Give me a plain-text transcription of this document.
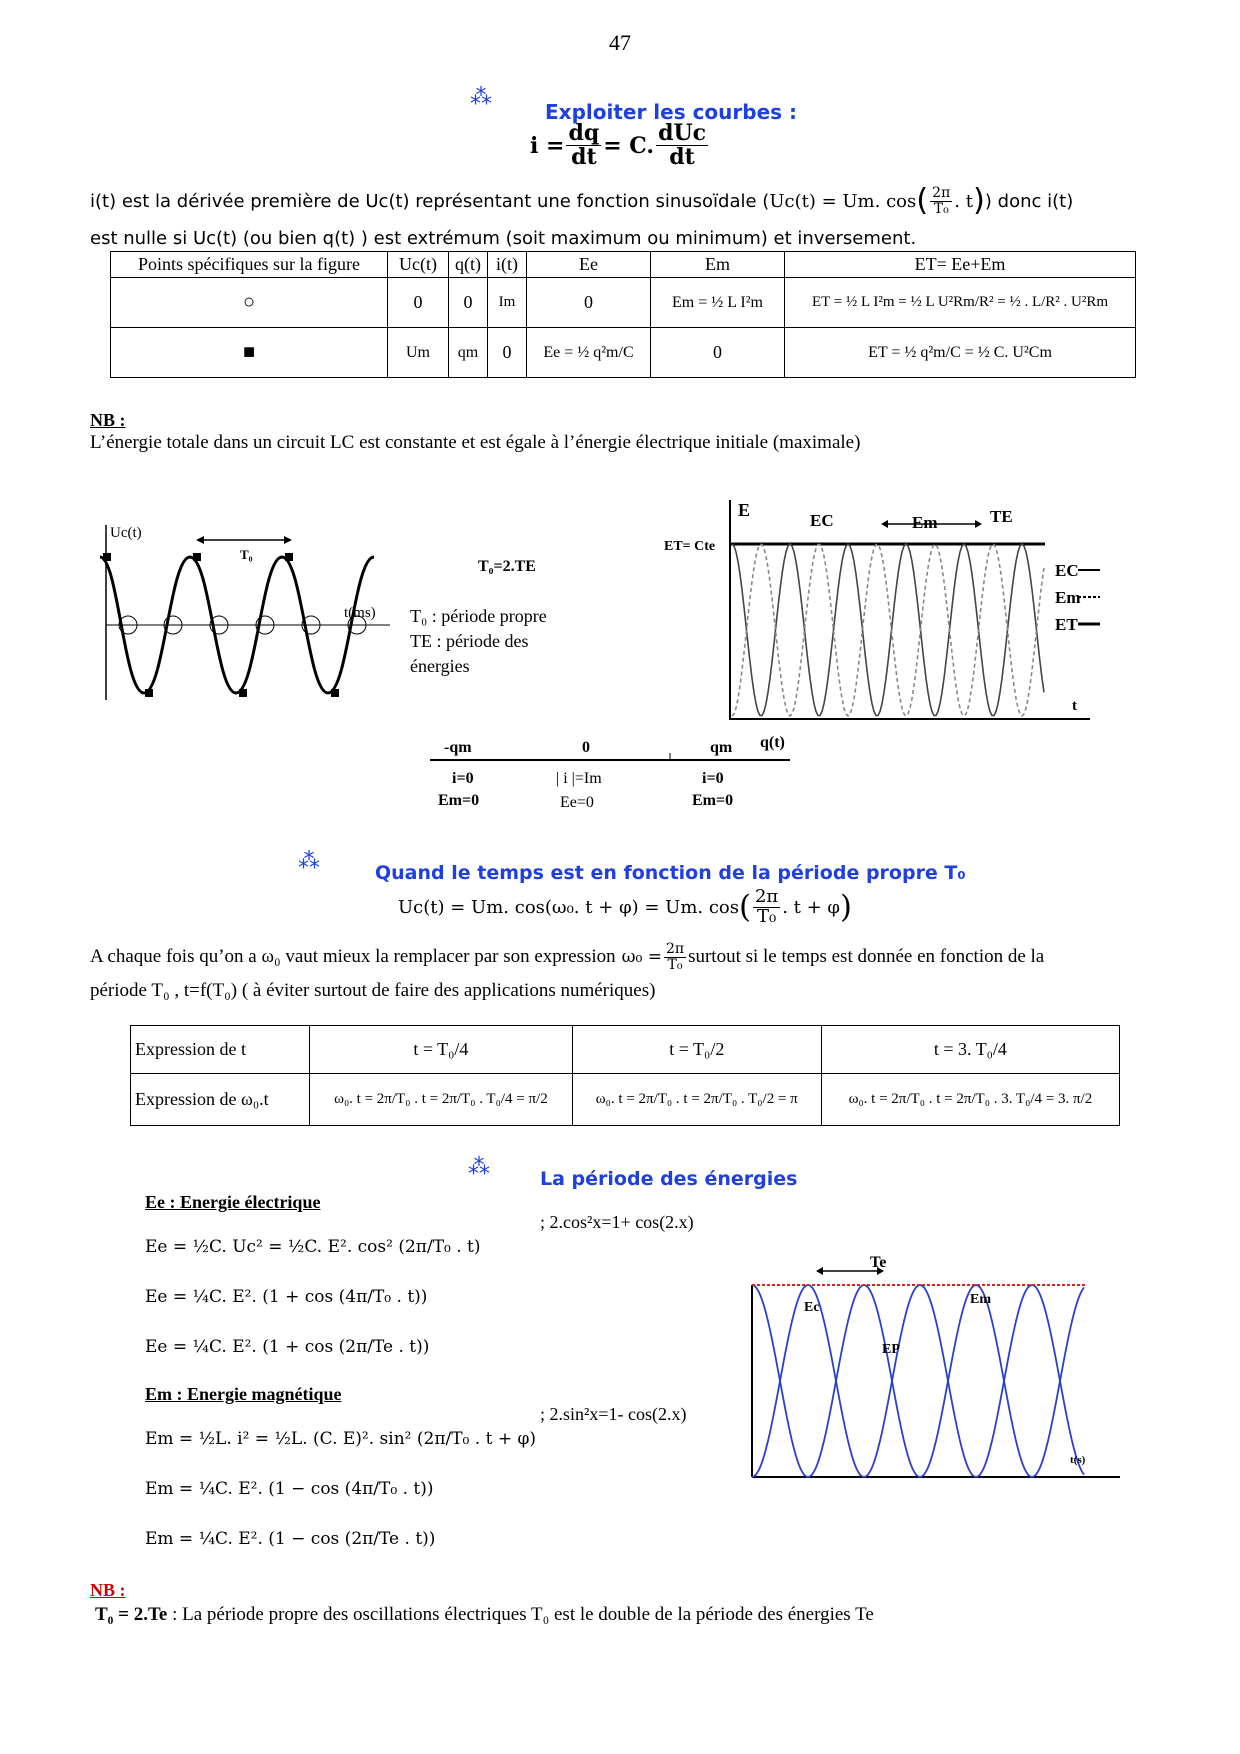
47
⁂
Exploiter les courbes :
$i = \frac{dq}{dt} = C$. $\frac{\text{dUc}}{dt}$
i(t) est la dérivée première de Uc(t) représentant une fonction sinusoïdale ( Uc(t) = Um. cos ( $\frac{2\pi}{\text{T₀}}$ . t ) ) donc i(t)
est nulle si Uc(t) (ou bien q(t) ) est extrémum (soit maximum ou minimum) et inversement.
Points spécifiques sur la figure	Uc(t)	q(t)	i(t)	Ee	Em	ET= Ee+Em
○	0	0	Im	0	Em = ½ L I²m	ET = ½ L I²m = ½ L U²Rm/R² = ½ . L/R² . U²Rm
■	Um	qm	0	Ee = ½ q²m/C	0	ET = ½ q²m/C = ½ C. U²Cm
NB :
L’énergie totale dans un circuit LC est constante et est égale à l’énergie électrique initiale (maximale)
Uc(t)
t(ms)
T₀
T₀=2.TE
T₀ : période propre
TE : période des
énergies
E
ET= Cte
EC	Em	TE
t
EC
Em
ET
-qm	0	qm q(t)
i=0
Em=0
| i |=Im
Ee=0
i=0
Em=0
⁂	Quand le temps est en fonction de la période propre T₀
Uc(t) = Um. cos(ω₀. t + φ) = Um. cos ( $\frac{2\pi}{\text{T₀}}$ . t + φ )
A chaque fois qu’on a ω₀ vaut mieux la remplacer par son expression $\omega_0 = \frac{2\pi}{\text{T₀}}$ surtout si le temps est donnée en fonction de la
période T₀ , t=f(T₀) ( à éviter surtout de faire des applications numériques)
Expression de t	t = T₀/4	t = T₀/2	t = 3. T₀/4
Expression de ω₀.t	ω₀. t = 2π/T₀ . t = 2π/T₀ . T₀/4 = π/2	ω₀. t = 2π/T₀ . t = 2π/T₀ . T₀/2 = π	ω₀. t = 2π/T₀ . t = 2π/T₀ . 3. T₀/4 = 3. π/2
⁂	La période des énergies
Ee : Energie électrique
Ee = ½C. Uc² = ½C. E². cos² (2π/T₀ . t)
Ee = ¼C. E². (1 + cos (4π/T₀ . t))
Ee = ¼C. E². (1 + cos (2π/Te . t))
; 2.cos²x=1+ cos(2.x)
Em : Energie magnétique
Em = ½L. i² = ½L. (C. E)². sin² (2π/T₀ . t + φ)
Em = ¼C. E². (1 − cos (4π/T₀ . t))
Em = ¼C. E². (1 − cos (2π/Te . t))
; 2.sin²x=1- cos(2.x)
Te
Ec
EP
Em
t(s)
NB :
T₀ = 2.Te : La période propre des oscillations électriques T₀ est le double de la période des énergies Te
